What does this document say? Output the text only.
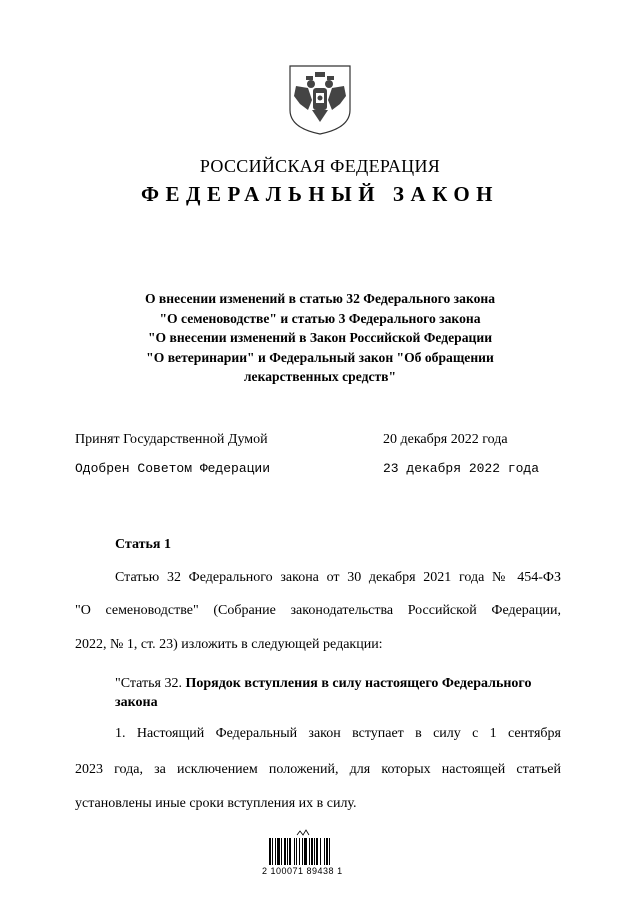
РОССИЙСКАЯ ФЕДЕРАЦИЯ
ФЕДЕРАЛЬНЫЙ ЗАКОН
О внесении изменений в статью 32 Федерального закона
"О семеноводстве" и статью 3 Федерального закона
"О внесении изменений в Закон Российской Федерации
"О ветеринарии" и Федеральный закон "Об обращении
лекарственных средств"
Принят Государственной Думой	20 декабря 2022 года
Одобрен Советом Федерации	23 декабря 2022 года
Статья 1
Статью 32 Федерального закона от 30 декабря 2021 года № 454-ФЗ
"О семеноводстве" (Собрание законодательства Российской Федерации,
2022, № 1, ст. 23) изложить в следующей редакции:
"Статья 32. Порядок вступления в силу настоящего Федерального закона
1. Настоящий Федеральный закон вступает в силу с 1 сентября
2023 года, за исключением положений, для которых настоящей статьей
установлены иные сроки вступления их в силу.
2 100071 89438 1
